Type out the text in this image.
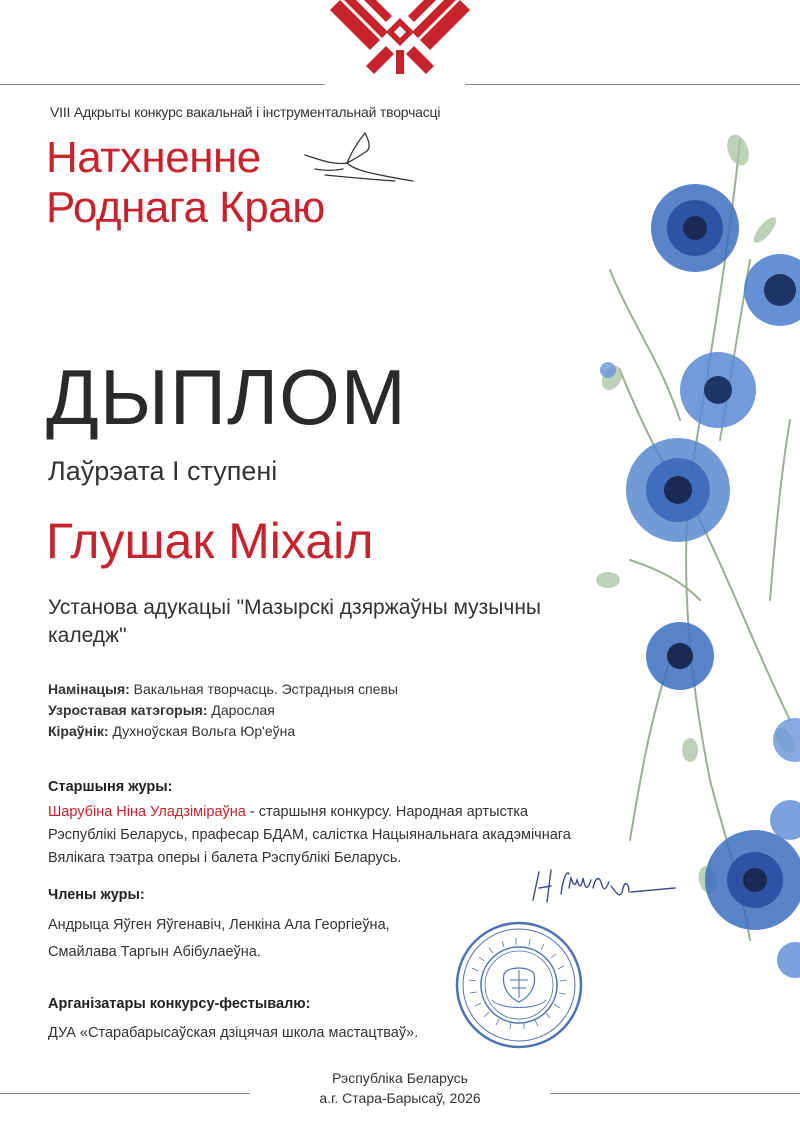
VIII Адкрыты конкурс вакальнай і інструментальнай творчасці
Натхненне
Роднага Краю
ДЫПЛОМ
Лаўрэата І ступені
Глушак Міхаіл
Установа адукацыі "Мазырскі дзяржаўны музычны каледж"
Намінацыя: Вакальная творчасць. Эстрадныя спевы
Узроставая катэгорыя: Дарослая
Кіраўнік: Духноўская Вольга Юр'еўна
Старшыня журы:
Шарубіна Ніна Уладзіміраўна - старшыня конкурсу. Народная артыстка
Рэспублікі Беларусь, прафесар БДАМ, салістка Нацыянальнага акадэмічнага
Вялікага тэатра оперы і балета Рэспублікі Беларусь.
Члены журы:
Андрыца Яўген Яўгенавіч, Ленкіна Ала Георгіеўна,
Смайлава Таргын Абібулаеўна.
Арганізатары конкурсу-фестывалю:
ДУА «Старабарысаўская дзіцячая школа мастацтваў».
Рэспубліка Беларусь
а.г. Стара-Барысаў, 2026
